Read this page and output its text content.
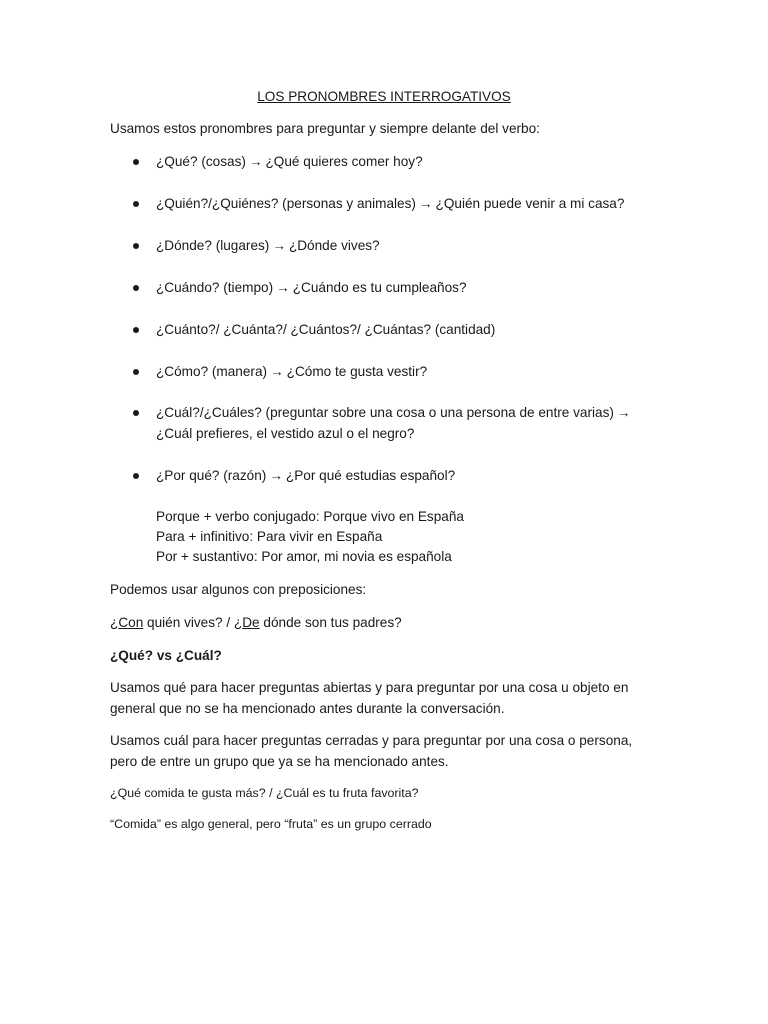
LOS PRONOMBRES INTERROGATIVOS
Usamos estos pronombres para preguntar y siempre delante del verbo:
¿Qué? (cosas) → ¿Qué quieres comer hoy?
¿Quién?/¿Quiénes? (personas y animales) → ¿Quién puede venir a mi casa?
¿Dónde? (lugares) → ¿Dónde vives?
¿Cuándo? (tiempo) → ¿Cuándo es tu cumpleaños?
¿Cuánto?/ ¿Cuánta?/ ¿Cuántos?/ ¿Cuántas? (cantidad)
¿Cómo? (manera) → ¿Cómo te gusta vestir?
¿Cuál?/¿Cuáles? (preguntar sobre una cosa o una persona de entre varias) →
¿Cuál prefieres, el vestido azul o el negro?
¿Por qué? (razón) → ¿Por qué estudias español?
Porque + verbo conjugado: Porque vivo en España
Para + infinitivo: Para vivir en España
Por + sustantivo: Por amor, mi novia es española
Podemos usar algunos con preposiciones:
¿Con quién vives? / ¿De dónde son tus padres?
¿Qué? vs ¿Cuál?
Usamos qué para hacer preguntas abiertas y para preguntar por una cosa u objeto en
general que no se ha mencionado antes durante la conversación.
Usamos cuál para hacer preguntas cerradas y para preguntar por una cosa o persona,
pero de entre un grupo que ya se ha mencionado antes.
¿Qué comida te gusta más? / ¿Cuál es tu fruta favorita?
“Comida” es algo general, pero “fruta” es un grupo cerrado
